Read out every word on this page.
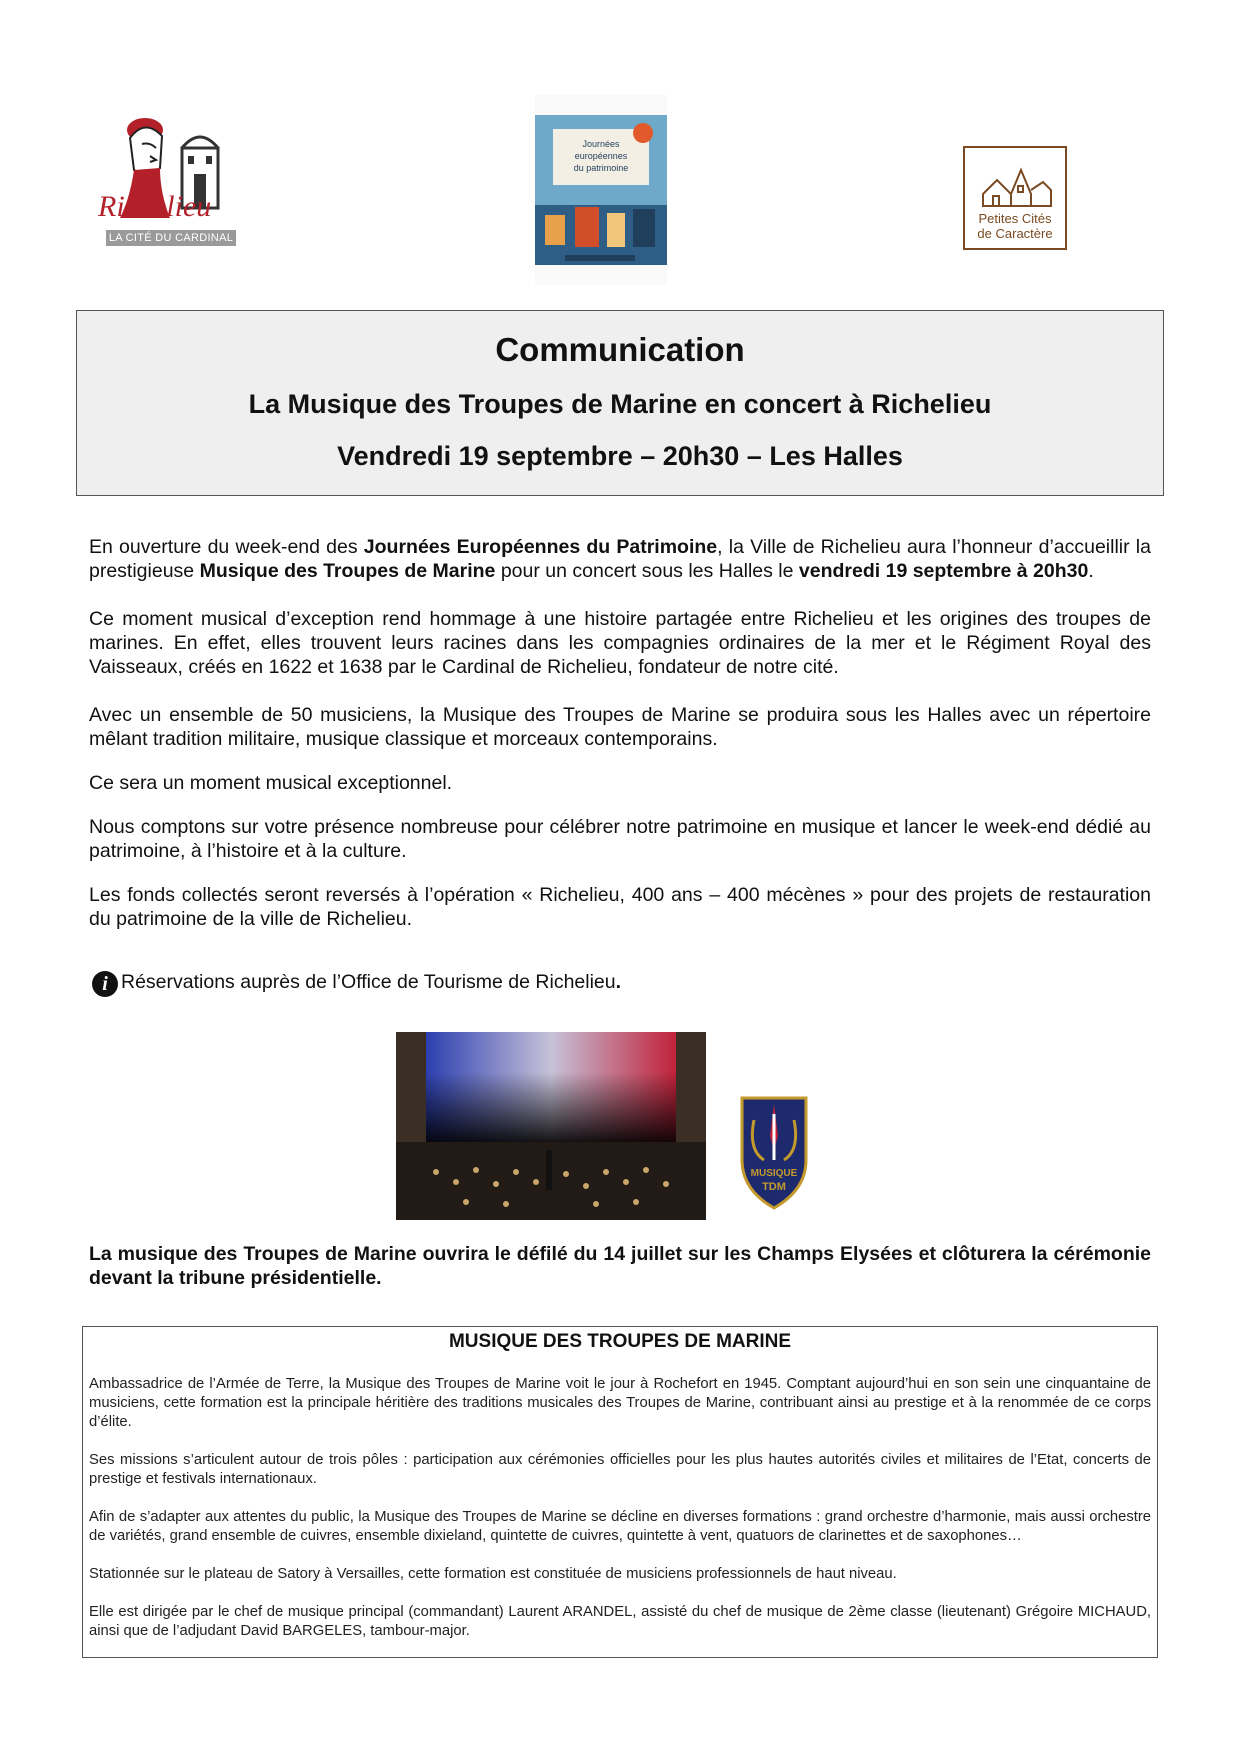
Richelieu
LA CITÉ DU CARDINAL
Journées
européennes
du patrimoine
Petites Cités
de Caractère
Communication
La Musique des Troupes de Marine en concert à Richelieu
Vendredi 19 septembre – 20h30 – Les Halles

En ouverture du week-end des Journées Européennes du Patrimoine, la Ville de Richelieu aura l’honneur d’accueillir la prestigieuse Musique des Troupes de Marine pour un concert sous les Halles le vendredi 19 septembre à 20h30.

Ce moment musical d’exception rend hommage à une histoire partagée entre Richelieu et les origines des troupes de marines. En effet, elles trouvent leurs racines dans les compagnies ordinaires de la mer et le Régiment Royal des Vaisseaux, créés en 1622 et 1638 par le Cardinal de Richelieu, fondateur de notre cité.

Avec un ensemble de 50 musiciens, la Musique des Troupes de Marine se produira sous les Halles avec un répertoire mêlant tradition militaire, musique classique et morceaux contemporains.

Ce sera un moment musical exceptionnel.

Nous comptons sur votre présence nombreuse pour célébrer notre patrimoine en musique et lancer le week-end dédié au patrimoine, à l’histoire et à la culture.

Les fonds collectés seront reversés à l’opération « Richelieu, 400 ans – 400 mécènes » pour des projets de restauration du patrimoine de la ville de Richelieu.

i Réservations auprès de l’Office de Tourisme de Richelieu.
MUSIQUE
TDM
La musique des Troupes de Marine ouvrira le défilé du 14 juillet sur les Champs Elysées et clôturera la cérémonie devant la tribune présidentielle.
MUSIQUE DES TROUPES DE MARINE

Ambassadrice de l’Armée de Terre, la Musique des Troupes de Marine voit le jour à Rochefort en 1945. Comptant aujourd’hui en son sein une cinquantaine de musiciens, cette formation est la principale héritière des traditions musicales des Troupes de Marine, contribuant ainsi au prestige et à la renommée de ce corps d’élite.

Ses missions s’articulent autour de trois pôles : participation aux cérémonies officielles pour les plus hautes autorités civiles et militaires de l’Etat, concerts de prestige et festivals internationaux.

Afin de s’adapter aux attentes du public, la Musique des Troupes de Marine se décline en diverses formations : grand orchestre d’harmonie, mais aussi orchestre de variétés, grand ensemble de cuivres, ensemble dixieland, quintette de cuivres, quintette à vent, quatuors de clarinettes et de saxophones…

Stationnée sur le plateau de Satory à Versailles, cette formation est constituée de musiciens professionnels de haut niveau.

Elle est dirigée par le chef de musique principal (commandant) Laurent ARANDEL, assisté du chef de musique de 2ème classe (lieutenant) Grégoire MICHAUD, ainsi que de l’adjudant David BARGELES, tambour-major.
